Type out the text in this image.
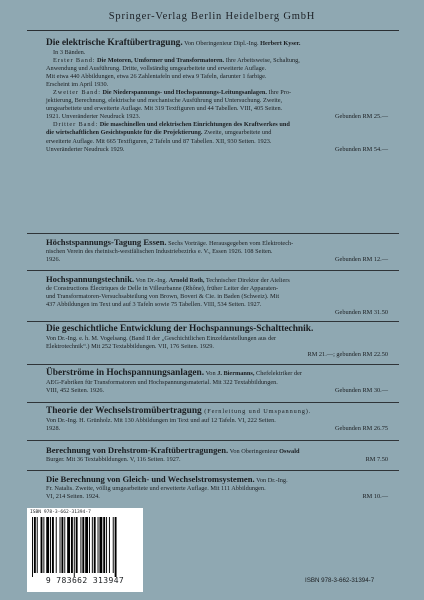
Springer-Verlag Berlin Heidelberg GmbH
Die elektrische Kraftübertragung. Von Oberingenieur Dipl.-Ing. Herbert Kyser.
In 3 Bänden.
Erster Band: Die Motoren, Umformer und Transformatoren. Ihre Arbeitsweise, Schaltung,
Anwendung und Ausführung. Dritte, vollständig umgearbeitete und erweiterte Auflage.
Mit etwa 440 Abbildungen, etwa 26 Zahlentafeln und etwa 9 Tafeln, darunter 1 farbige.
Erscheint im April 1930.
Zweiter Band: Die Niederspannungs- und Hochspannungs-Leitungsanlagen. Ihre Pro-
jektierung, Berechnung, elektrische und mechanische Ausführung und Untersuchung. Zweite,
umgearbeitete und erweiterte Auflage. Mit 319 Textfiguren und 44 Tabellen. VIII, 405 Seiten.
1921. Unveränderter Neudruck 1923.	Gebunden RM 25.—
Dritter Band: Die maschinellen und elektrischen Einrichtungen des Kraftwerkes und
die wirtschaftlichen Gesichtspunkte für die Projektierung. Zweite, umgearbeitete und
erweiterte Auflage. Mit 665 Textfiguren, 2 Tafeln und 87 Tabellen. XII, 930 Seiten. 1923.
Unveränderter Neudruck 1929.	Gebunden RM 54.—
Höchstspannungs-Tagung Essen. Sechs Vorträge. Herausgegeben vom Elektrotech-
nischen Verein des rheinisch-westfälischen Industriebezirks e. V., Essen 1926. 108 Seiten.
1926.	Gebunden RM 12.—
Hochspannungstechnik. Von Dr.-Ing. Arnold Roth, Technischer Direktor der Ateliers
de Constructions Électriques de Delle in Villeurbanne (Rhône), früher Leiter der Apparaten-
und Transformatoren-Versuchsabteilung von Brown, Boveri & Cie. in Baden (Schweiz). Mit
437 Abbildungen im Text und auf 3 Tafeln sowie 75 Tabellen. VIII, 534 Seiten. 1927.
Gebunden RM 31.50

Die geschichtliche Entwicklung der Hochspannungs-Schalttechnik.
Von Dr.-Ing. e. h. M. Vogelsang. (Band II der „Geschichtlichen Einzeldarstellungen aus der
Elektrotechnik“.) Mit 252 Textabbildungen. VII, 176 Seiten. 1929.
RM 21.—; gebunden RM 22.50

Überströme in Hochspannungsanlagen. Von J. Biermanns, Chefelektriker der
AEG-Fabriken für Transformatoren und Hochspannungsmaterial. Mit 322 Textabbildungen.
VIII, 452 Seiten. 1926.	Gebunden RM 30.—
Theorie der Wechselstromübertragung (Fernleitung und Umspannung).
Von Dr.-Ing. H. Grünholz. Mit 130 Abbildungen im Text und auf 12 Tafeln. VI, 222 Seiten.
1928.	Gebunden RM 26.75
Berechnung von Drehstrom-Kraftübertragungen. Von Oberingenieur Oswald
Burger. Mit 36 Textabbildungen. V, 116 Seiten. 1927.	RM 7.50
Die Berechnung von Gleich- und Wechselstromsystemen. Von Dr.-Ing.
Fr. Natalis. Zweite, völlig umgearbeitete und erweiterte Auflage. Mit 111 Abbildungen.
VI, 214 Seiten. 1924.	RM 10.—
ISBN 978-3-662-31394-7
9 783662 313947	ISBN 978-3-662-31394-7
